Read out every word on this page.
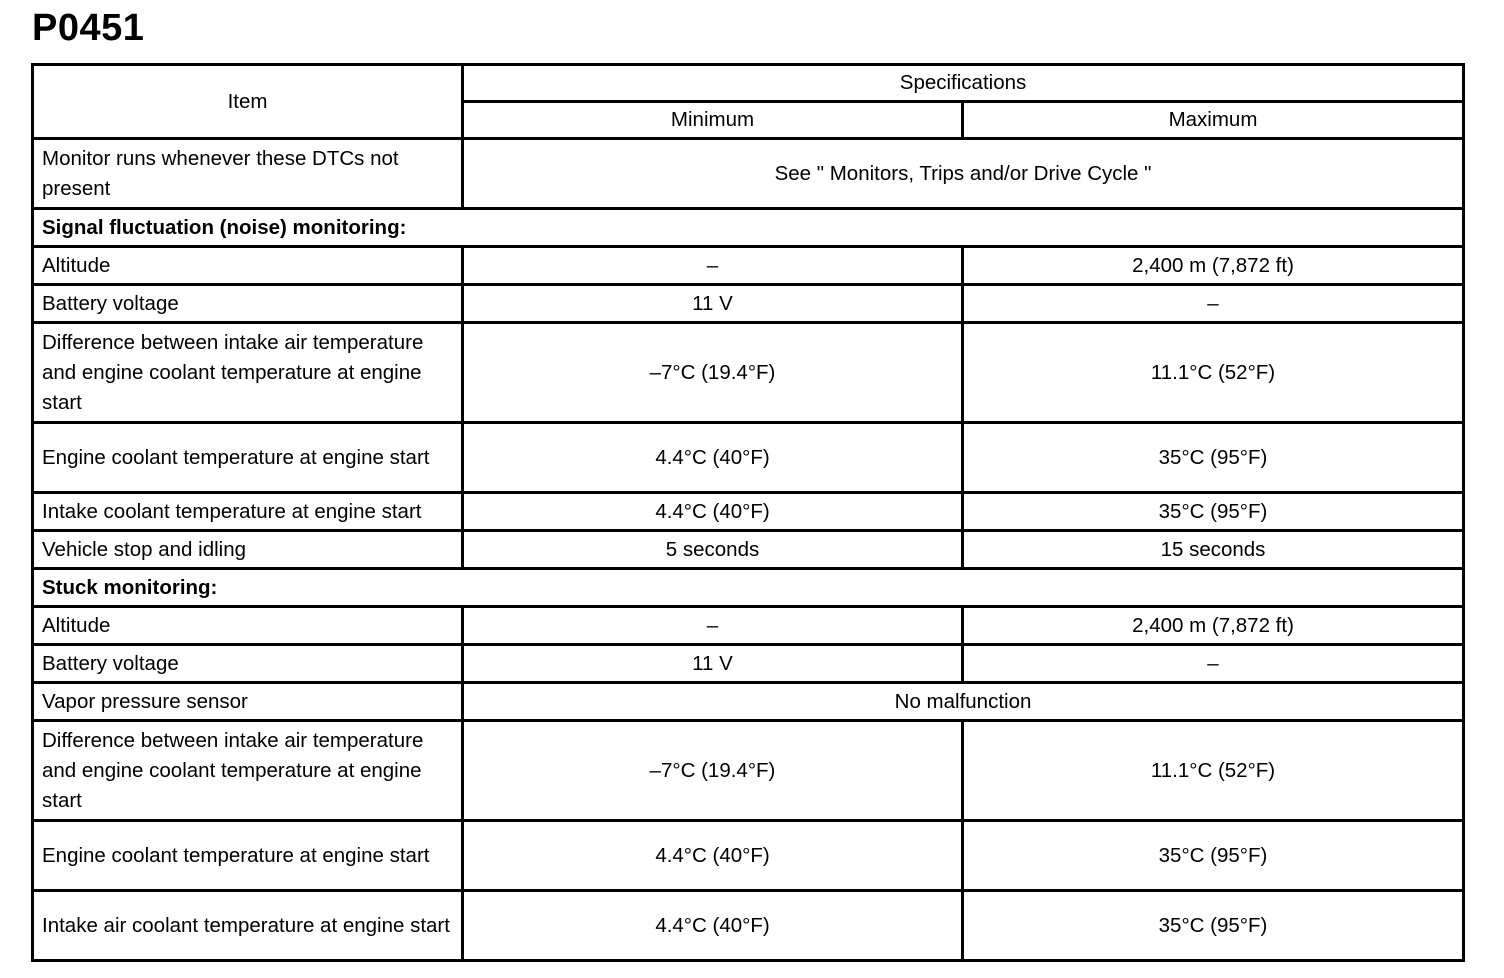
P0451
Item	Specifications	
	Minimum	Maximum
Monitor runs whenever these DTCs not present	See " Monitors, Trips and/or Drive Cycle "	
Signal fluctuation (noise) monitoring:		
Altitude	–	2,400 m (7,872 ft)
Battery voltage	11 V	–
Difference between intake air temperature and engine coolant temperature at engine start	–7°C (19.4°F)	11.1°C (52°F)
Engine coolant temperature at engine start	4.4°C (40°F)	35°C (95°F)
Intake coolant temperature at engine start	4.4°C (40°F)	35°C (95°F)
Vehicle stop and idling	5 seconds	15 seconds
Stuck monitoring:		
Altitude	–	2,400 m (7,872 ft)
Battery voltage	11 V	–
Vapor pressure sensor	No malfunction	
Difference between intake air temperature and engine coolant temperature at engine start	–7°C (19.4°F)	11.1°C (52°F)
Engine coolant temperature at engine start	4.4°C (40°F)	35°C (95°F)
Intake air coolant temperature at engine start	4.4°C (40°F)	35°C (95°F)
